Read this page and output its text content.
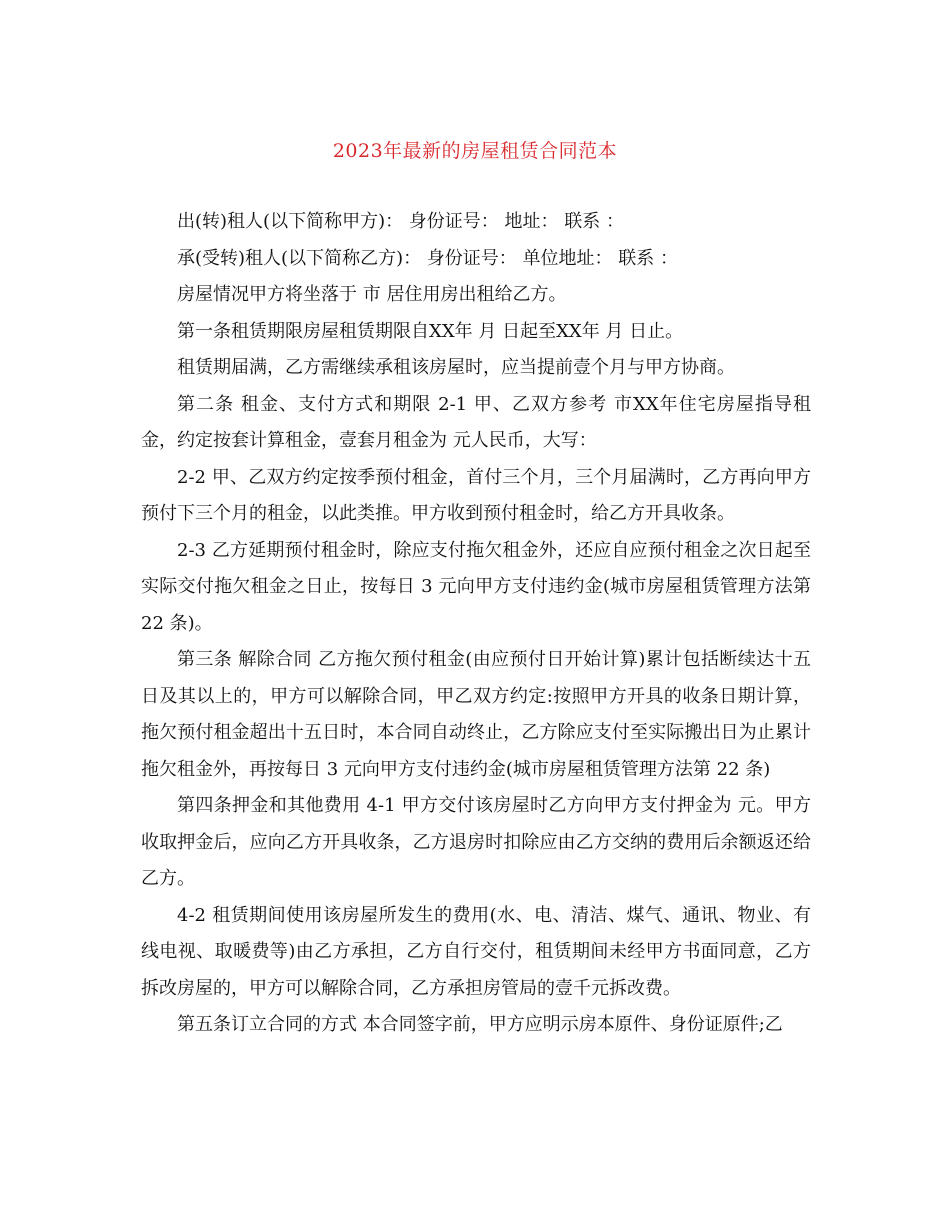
2023年最新的房屋租赁合同范本

出(转)租人(以下简称甲方)： 身份证号： 地址： 联系 ：

承(受转)租人(以下简称乙方)： 身份证号： 单位地址： 联系 ：

房屋情况甲方将坐落于 市 居住用房出租给乙方。

第一条租赁期限房屋租赁期限自XX年 月 日起至XX年 月 日止。

租赁期届满，乙方需继续承租该房屋时，应当提前壹个月与甲方协商。

第二条 租金、支付方式和期限 2-1 甲、乙双方参考 市XX年住宅房屋指导租金，约定按套计算租金，壹套月租金为 元人民币，大写：

2-2 甲、乙双方约定按季预付租金，首付三个月，三个月届满时，乙方再向甲方预付下三个月的租金，以此类推。甲方收到预付租金时，给乙方开具收条。

2-3 乙方延期预付租金时，除应支付拖欠租金外，还应自应预付租金之次日起至实际交付拖欠租金之日止，按每日 3 元向甲方支付违约金(城市房屋租赁管理方法第 22 条)。

第三条 解除合同 乙方拖欠预付租金(由应预付日开始计算)累计包括断续达十五日及其以上的，甲方可以解除合同，甲乙双方约定:按照甲方开具的收条日期计算，拖欠预付租金超出十五日时，本合同自动终止，乙方除应支付至实际搬出日为止累计拖欠租金外，再按每日 3 元向甲方支付违约金(城市房屋租赁管理方法第 22 条)

第四条押金和其他费用 4-1 甲方交付该房屋时乙方向甲方支付押金为 元。甲方收取押金后，应向乙方开具收条，乙方退房时扣除应由乙方交纳的费用后余额返还给乙方。

4-2 租赁期间使用该房屋所发生的费用(水、电、清洁、煤气、通讯、物业、有线电视、取暖费等)由乙方承担，乙方自行交付，租赁期间未经甲方书面同意，乙方拆改房屋的，甲方可以解除合同，乙方承担房管局的壹千元拆改费。

第五条订立合同的方式 本合同签字前，甲方应明示房本原件、身份证原件;乙
